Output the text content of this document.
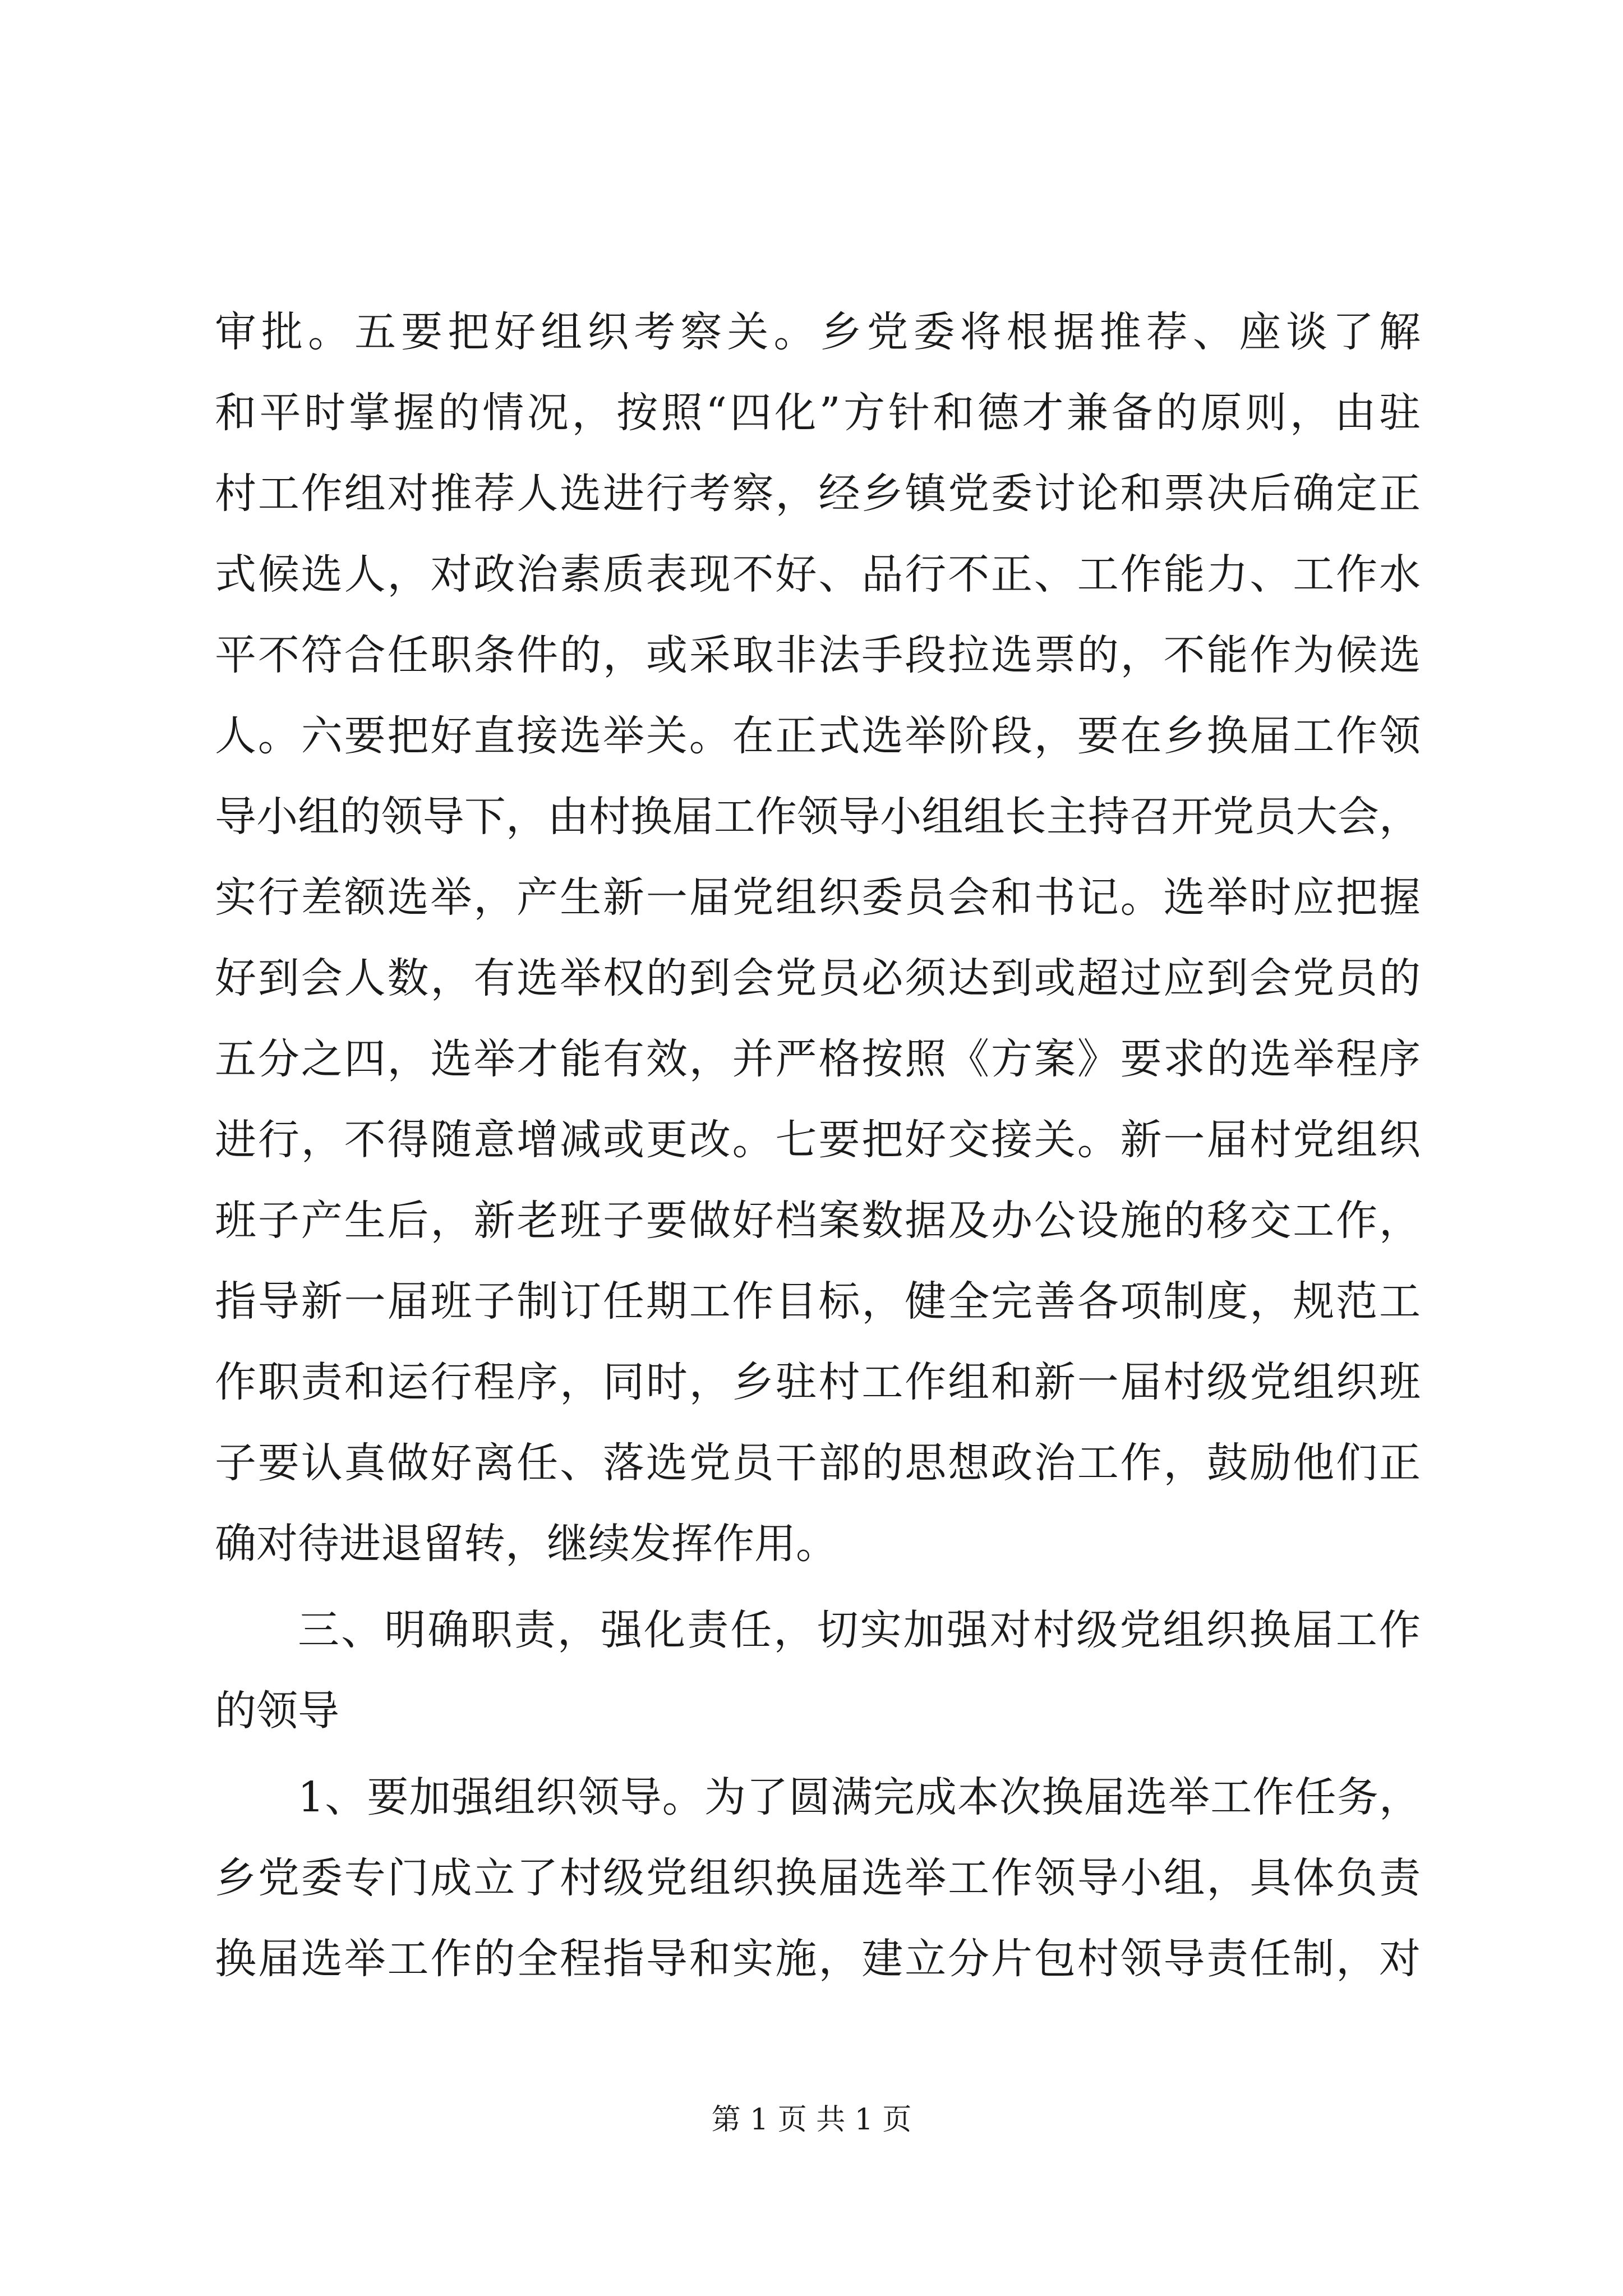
审批。五要把好组织考察关。乡党委将根据推荐、座谈了解
和平时掌握的情况，按照“四化”方针和德才兼备的原则，由驻
村工作组对推荐人选进行考察，经乡镇党委讨论和票决后确定正
式候选人，对政治素质表现不好、品行不正、工作能力、工作水
平不符合任职条件的，或采取非法手段拉选票的，不能作为候选
人。六要把好直接选举关。在正式选举阶段，要在乡换届工作领
导小组的领导下，由村换届工作领导小组组长主持召开党员大会，
实行差额选举，产生新一届党组织委员会和书记。选举时应把握
好到会人数，有选举权的到会党员必须达到或超过应到会党员的
五分之四，选举才能有效，并严格按照《方案》要求的选举程序
进行，不得随意增减或更改。七要把好交接关。新一届村党组织
班子产生后，新老班子要做好档案数据及办公设施的移交工作，
指导新一届班子制订任期工作目标，健全完善各项制度，规范工
作职责和运行程序，同时，乡驻村工作组和新一届村级党组织班
子要认真做好离任、落选党员干部的思想政治工作，鼓励他们正
确对待进退留转，继续发挥作用。
三、明确职责，强化责任，切实加强对村级党组织换届工作
的领导
1、要加强组织领导。为了圆满完成本次换届选举工作任务，
乡党委专门成立了村级党组织换届选举工作领导小组，具体负责
换届选举工作的全程指导和实施，建立分片包村领导责任制，对
第 1 页 共 1 页
